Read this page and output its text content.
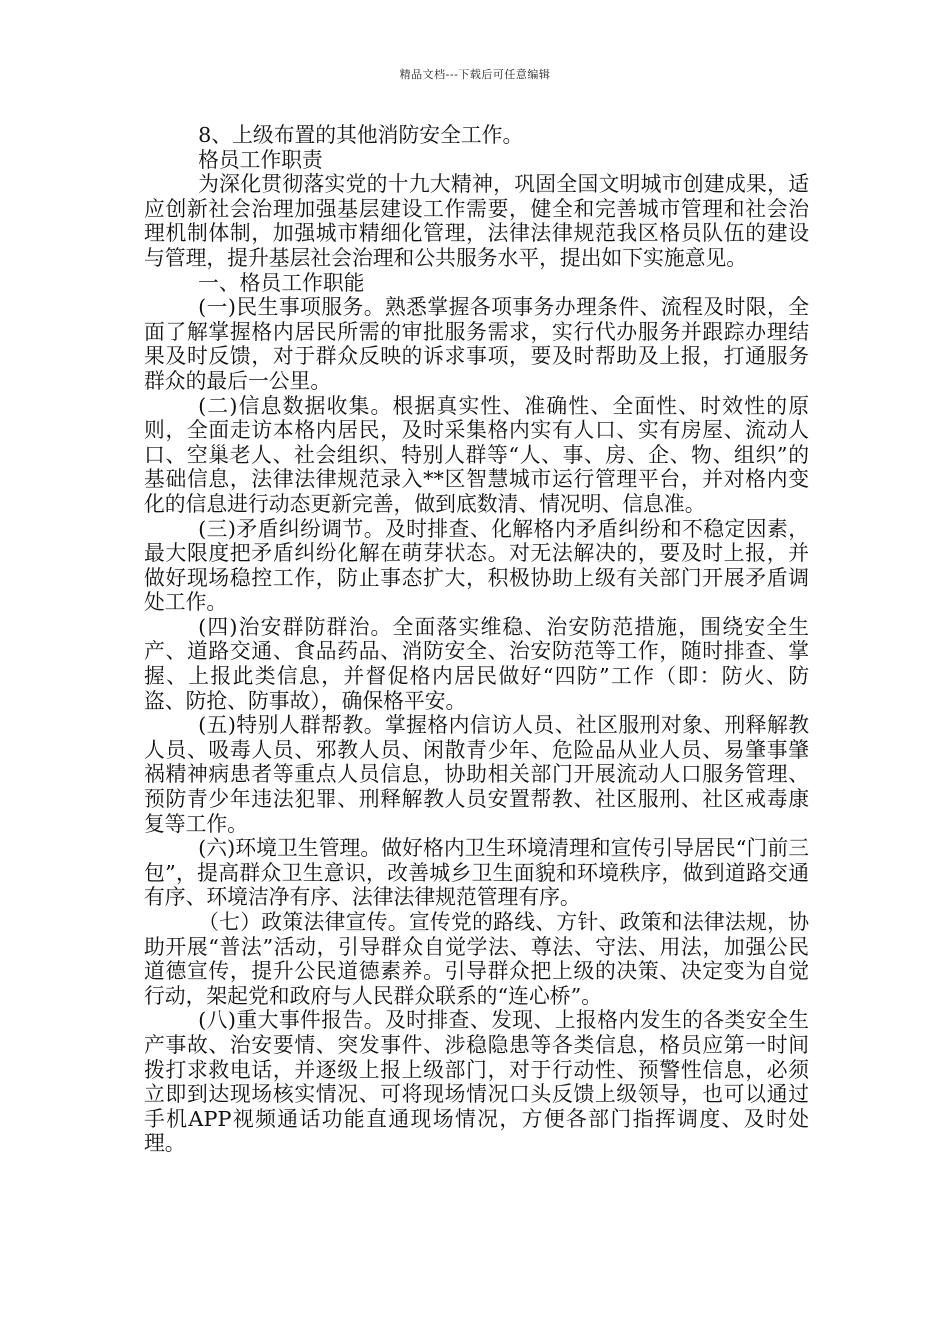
精品文档---下载后可任意编辑

8、上级布置的其他消防安全工作。

格员工作职责

为深化贯彻落实党的十九大精神，巩固全国文明城市创建成果，适应创新社会治理加强基层建设工作需要，健全和完善城市管理和社会治理机制体制，加强城市精细化管理，法律法律规范我区格员队伍的建设与管理，提升基层社会治理和公共服务水平，提出如下实施意见。

一、格员工作职能

(一)民生事项服务。熟悉掌握各项事务办理条件、流程及时限，全面了解掌握格内居民所需的审批服务需求，实行代办服务并跟踪办理结果及时反馈，对于群众反映的诉求事项，要及时帮助及上报，打通服务群众的最后一公里。

(二)信息数据收集。根据真实性、准确性、全面性、时效性的原则，全面走访本格内居民，及时采集格内实有人口、实有房屋、流动人口、空巢老人、社会组织、特别人群等“人、事、房、企、物、组织”的基础信息，法律法律规范录入**区智慧城市运行管理平台，并对格内变化的信息进行动态更新完善，做到底数清、情况明、信息准。

(三)矛盾纠纷调节。及时排查、化解格内矛盾纠纷和不稳定因素，最大限度把矛盾纠纷化解在萌芽状态。对无法解决的，要及时上报，并做好现场稳控工作，防止事态扩大，积极协助上级有关部门开展矛盾调处工作。

(四)治安群防群治。全面落实维稳、治安防范措施，围绕安全生产、道路交通、食品药品、消防安全、治安防范等工作，随时排查、掌握、上报此类信息，并督促格内居民做好“四防”工作（即：防火、防盗、防抢、防事故），确保格平安。

(五)特别人群帮教。掌握格内信访人员、社区服刑对象、刑释解教人员、吸毒人员、邪教人员、闲散青少年、危险品从业人员、易肇事肇祸精神病患者等重点人员信息，协助相关部门开展流动人口服务管理、预防青少年违法犯罪、刑释解教人员安置帮教、社区服刑、社区戒毒康复等工作。

(六)环境卫生管理。做好格内卫生环境清理和宣传引导居民“门前三包”，提高群众卫生意识，改善城乡卫生面貌和环境秩序，做到道路交通有序、环境洁净有序、法律法律规范管理有序。

（七）政策法律宣传。宣传党的路线、方针、政策和法律法规，协助开展“普法”活动，引导群众自觉学法、尊法、守法、用法，加强公民道德宣传，提升公民道德素养。引导群众把上级的决策、决定变为自觉行动，架起党和政府与人民群众联系的“连心桥”。

(八)重大事件报告。及时排查、发现、上报格内发生的各类安全生产事故、治安要情、突发事件、涉稳隐患等各类信息，格员应第一时间拨打求救电话，并逐级上报上级部门，对于行动性、预警性信息，必须立即到达现场核实情况、可将现场情况口头反馈上级领导，也可以通过手机APP视频通话功能直通现场情况，方便各部门指挥调度、及时处理。
